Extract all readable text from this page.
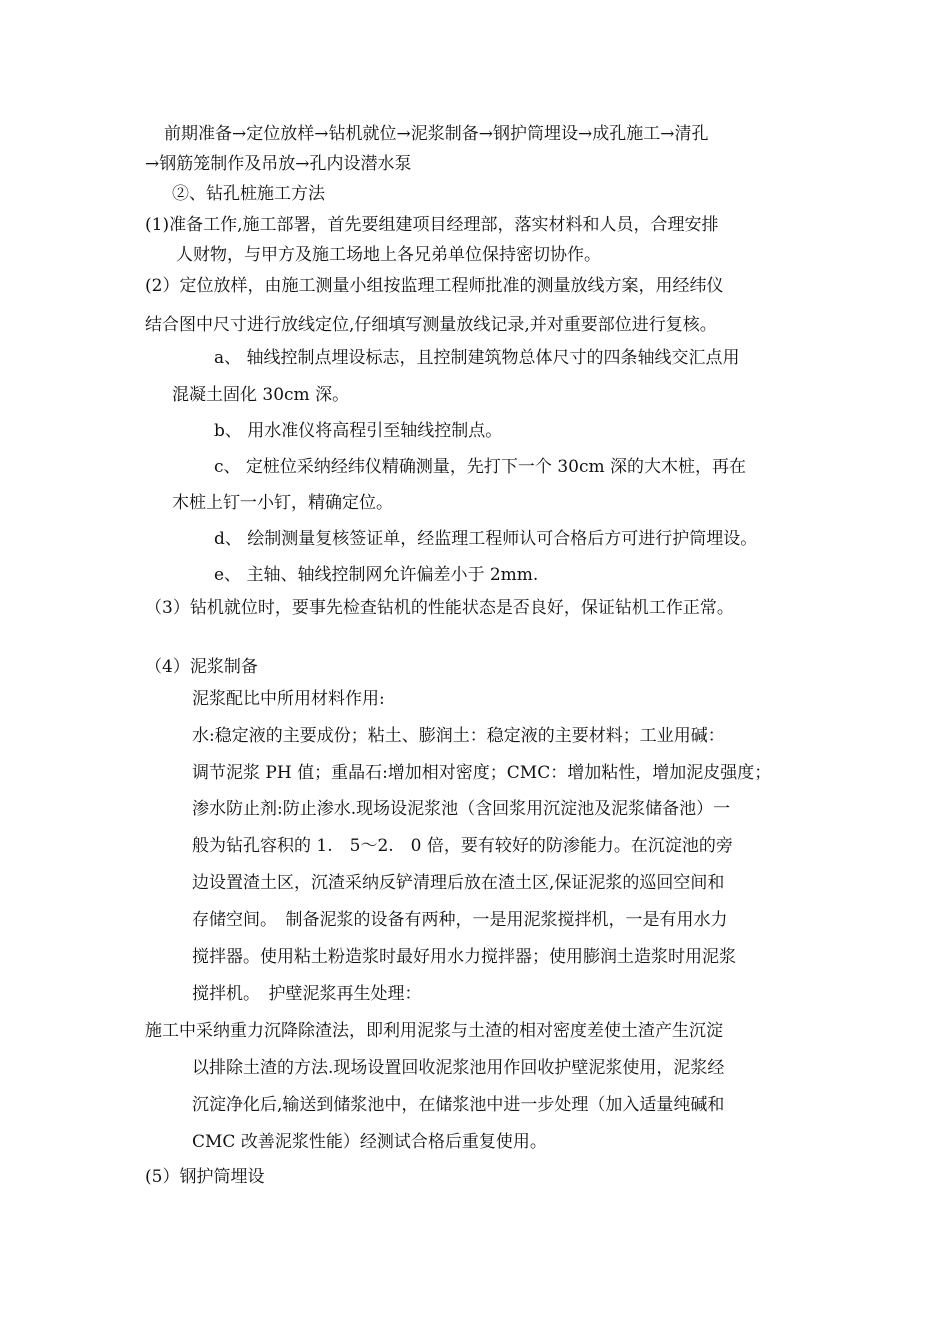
前期准备→定位放样→钻机就位→泥浆制备→钢护筒埋设→成孔施工→清孔

→钢筋笼制作及吊放→孔内设潜水泵

②、钻孔桩施工方法

(1)准备工作,施工部署，首先要组建项目经理部，落实材料和人员，合理安排

人财物，与甲方及施工场地上各兄弟单位保持密切协作。

(2）定位放样，由施工测量小组按监理工程师批准的测量放线方案，用经纬仪

结合图中尺寸进行放线定位,仔细填写测量放线记录,并对重要部位进行复核。

a、 轴线控制点埋设标志，且控制建筑物总体尺寸的四条轴线交汇点用

混凝土固化 30cm 深。

b、 用水准仪将高程引至轴线控制点。

c、 定桩位采纳经纬仪精确测量，先打下一个 30cm 深的大木桩，再在

木桩上钉一小钉，精确定位。

d、 绘制测量复核签证单，经监理工程师认可合格后方可进行护筒埋设。

e、 主轴、轴线控制网允许偏差小于 2mm.

（3）钻机就位时，要事先检查钻机的性能状态是否良好，保证钻机工作正常。

（4）泥浆制备

泥浆配比中所用材料作用:

水:稳定液的主要成份；粘土、膨润土：稳定液的主要材料；工业用碱：

调节泥浆 PH 值；重晶石:增加相对密度；CMC：增加粘性，增加泥皮强度；

渗水防止剂:防止渗水.现场设泥浆池（含回浆用沉淀池及泥浆储备池）一

般为钻孔容积的 1.　5～2.　0 倍，要有较好的防渗能力。在沉淀池的旁

边设置渣土区，沉渣采纳反铲清理后放在渣土区,保证泥浆的巡回空间和

存储空间。　制备泥浆的设备有两种，一是用泥浆搅拌机，一是有用水力

搅拌器。使用粘土粉造浆时最好用水力搅拌器；使用膨润土造浆时用泥浆

搅拌机。　护壁泥浆再生处理：

施工中采纳重力沉降除渣法，即利用泥浆与土渣的相对密度差使土渣产生沉淀

以排除土渣的方法.现场设置回收泥浆池用作回收护壁泥浆使用，泥浆经

沉淀净化后,输送到储浆池中，在储浆池中进一步处理（加入适量纯碱和

CMC 改善泥浆性能）经测试合格后重复使用。

(5）钢护筒埋设
